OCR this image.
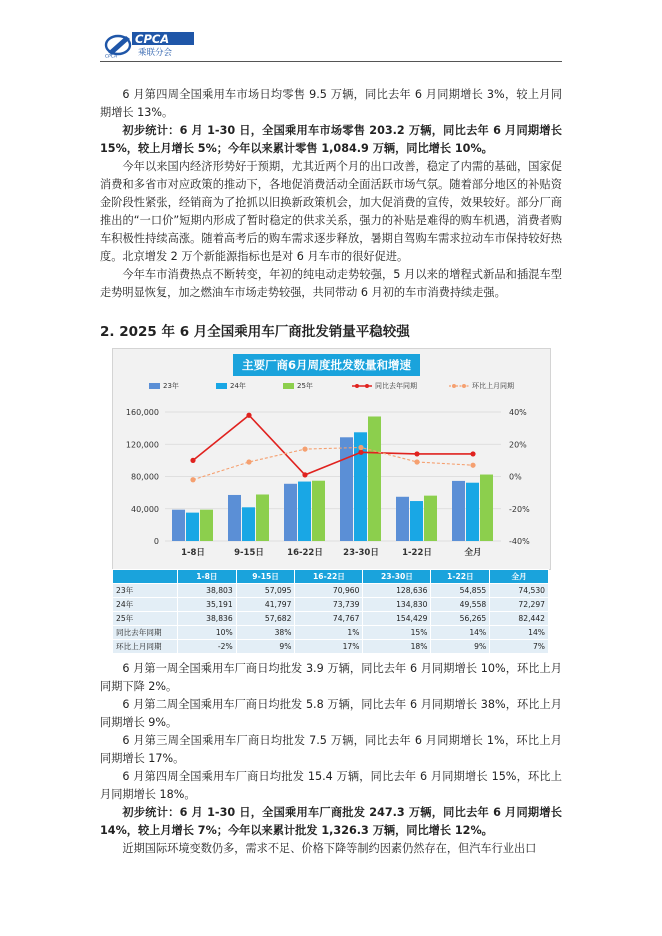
CPCA
乘联分会
CPCA

6 月第四周全国乘用车市场日均零售 9.5 万辆，同比去年 6 月同期增长 3%，较上月同期增长 13%。

初步统计：6 月 1-30 日，全国乘用车市场零售 203.2 万辆，同比去年 6 月同期增长 15%，较上月增长 5%；今年以来累计零售 1,084.9 万辆，同比增长 10%。

今年以来国内经济形势好于预期，尤其近两个月的出口改善，稳定了内需的基础，国家促消费和多省市对应政策的推动下，各地促消费活动全面活跃市场气氛。随着部分地区的补贴资金阶段性紧张，经销商为了抢抓以旧换新政策机会，加大促消费的宣传，效果较好。部分厂商推出的“一口价”短期内形成了暂时稳定的供求关系，强力的补贴是难得的购车机遇，消费者购车积极性持续高涨。随着高考后的购车需求逐步释放，暑期自驾购车需求拉动车市保持较好热度。北京增发 2 万个新能源指标也是对 6 月车市的很好促进。

今年车市消费热点不断转变，年初的纯电动走势较强，5 月以来的增程式新品和插混车型走势明显恢复，加之燃油车市场走势较强，共同带动 6 月初的车市消费持续走强。

2. 2025 年 6 月全国乘用车厂商批发销量平稳较强
主要厂商6月周度批发数量和增速
23年	24年	25年	同比去年同期	环比上月同期
160,000
120,000
80,000
40,000
0
40%
20%
0%
-20%
-40%
1-8日	9-15日	16-22日 23-30日	1-22日	全月
	1-8日	9-15日	16-22日	23-30日	1-22日	全月
23年	38,803	57,095	70,960	128,636	54,855	74,530
24年	35,191	41,797	73,739	134,830	49,558	72,297
25年	38,836	57,682	74,767	154,429	56,265	82,442
同比去年同期	10%	38%	1%	15%	14%	14%
环比上月同期	-2%	9%	17%	18%	9%	7%

6 月第一周全国乘用车厂商日均批发 3.9 万辆，同比去年 6 月同期增长 10%，环比上月同期下降 2%。

6 月第二周全国乘用车厂商日均批发 5.8 万辆，同比去年 6 月同期增长 38%，环比上月同期增长 9%。

6 月第三周全国乘用车厂商日均批发 7.5 万辆，同比去年 6 月同期增长 1%，环比上月同期增长 17%。

6 月第四周全国乘用车厂商日均批发 15.4 万辆，同比去年 6 月同期增长 15%，环比上月同期增长 18%。

初步统计：6 月 1-30 日，全国乘用车厂商批发 247.3 万辆，同比去年 6 月同期增长 14%，较上月增长 7%；今年以来累计批发 1,326.3 万辆，同比增长 12%。

近期国际环境变数仍多，需求不足、价格下降等制约因素仍然存在，但汽车行业出口
